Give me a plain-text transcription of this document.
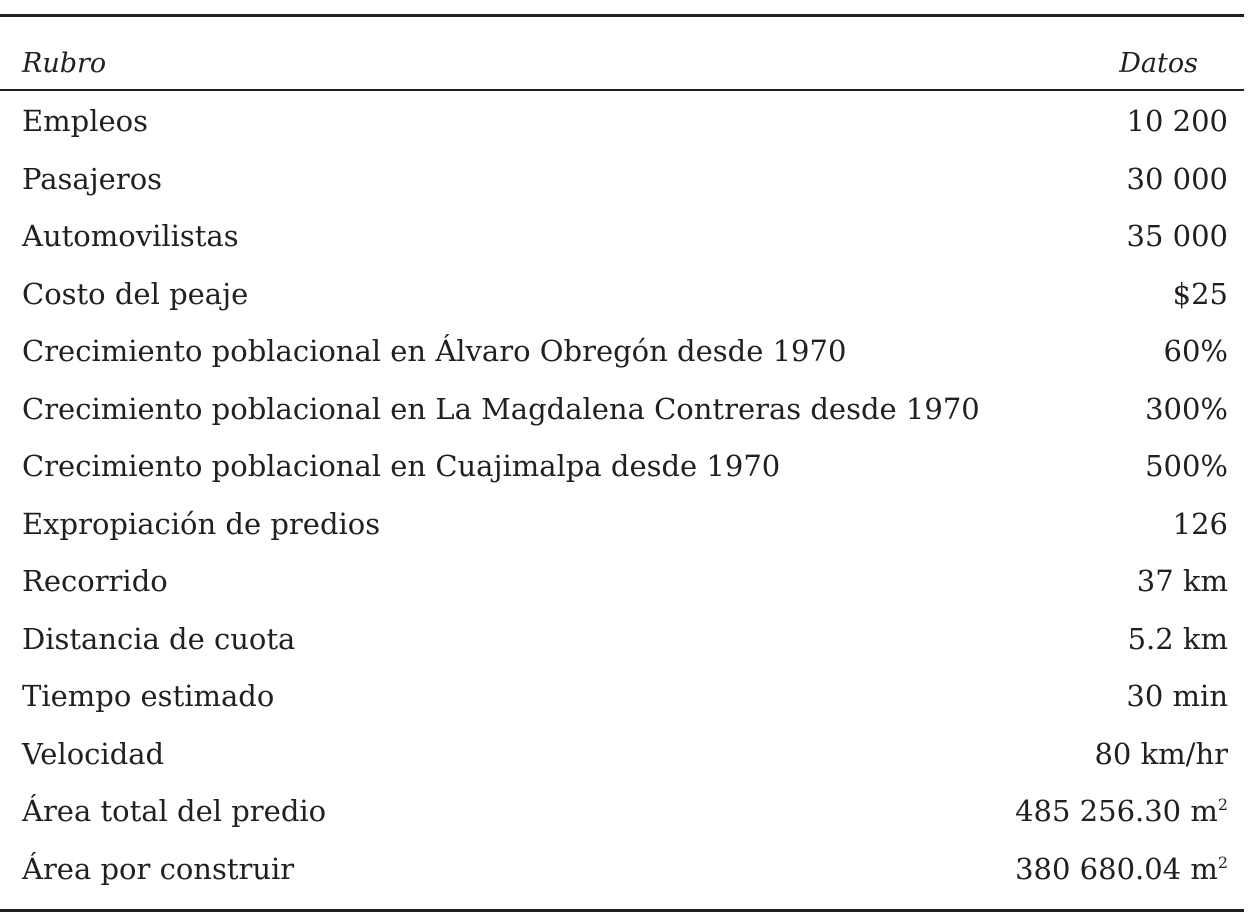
Rubro	Datos
Empleos	10 200
Pasajeros	30 000
Automovilistas	35 000
Costo del peaje	$25
Crecimiento poblacional en Álvaro Obregón desde 1970	60%
Crecimiento poblacional en La Magdalena Contreras desde 1970	300%
Crecimiento poblacional en Cuajimalpa desde 1970	500%
Expropiación de predios	126
Recorrido	37 km
Distancia de cuota	5.2 km
Tiempo estimado	30 min
Velocidad	80 km/hr
Área total del predio	485 256.30 $m^2$
Área por construir	380 680.04 $m^2$
